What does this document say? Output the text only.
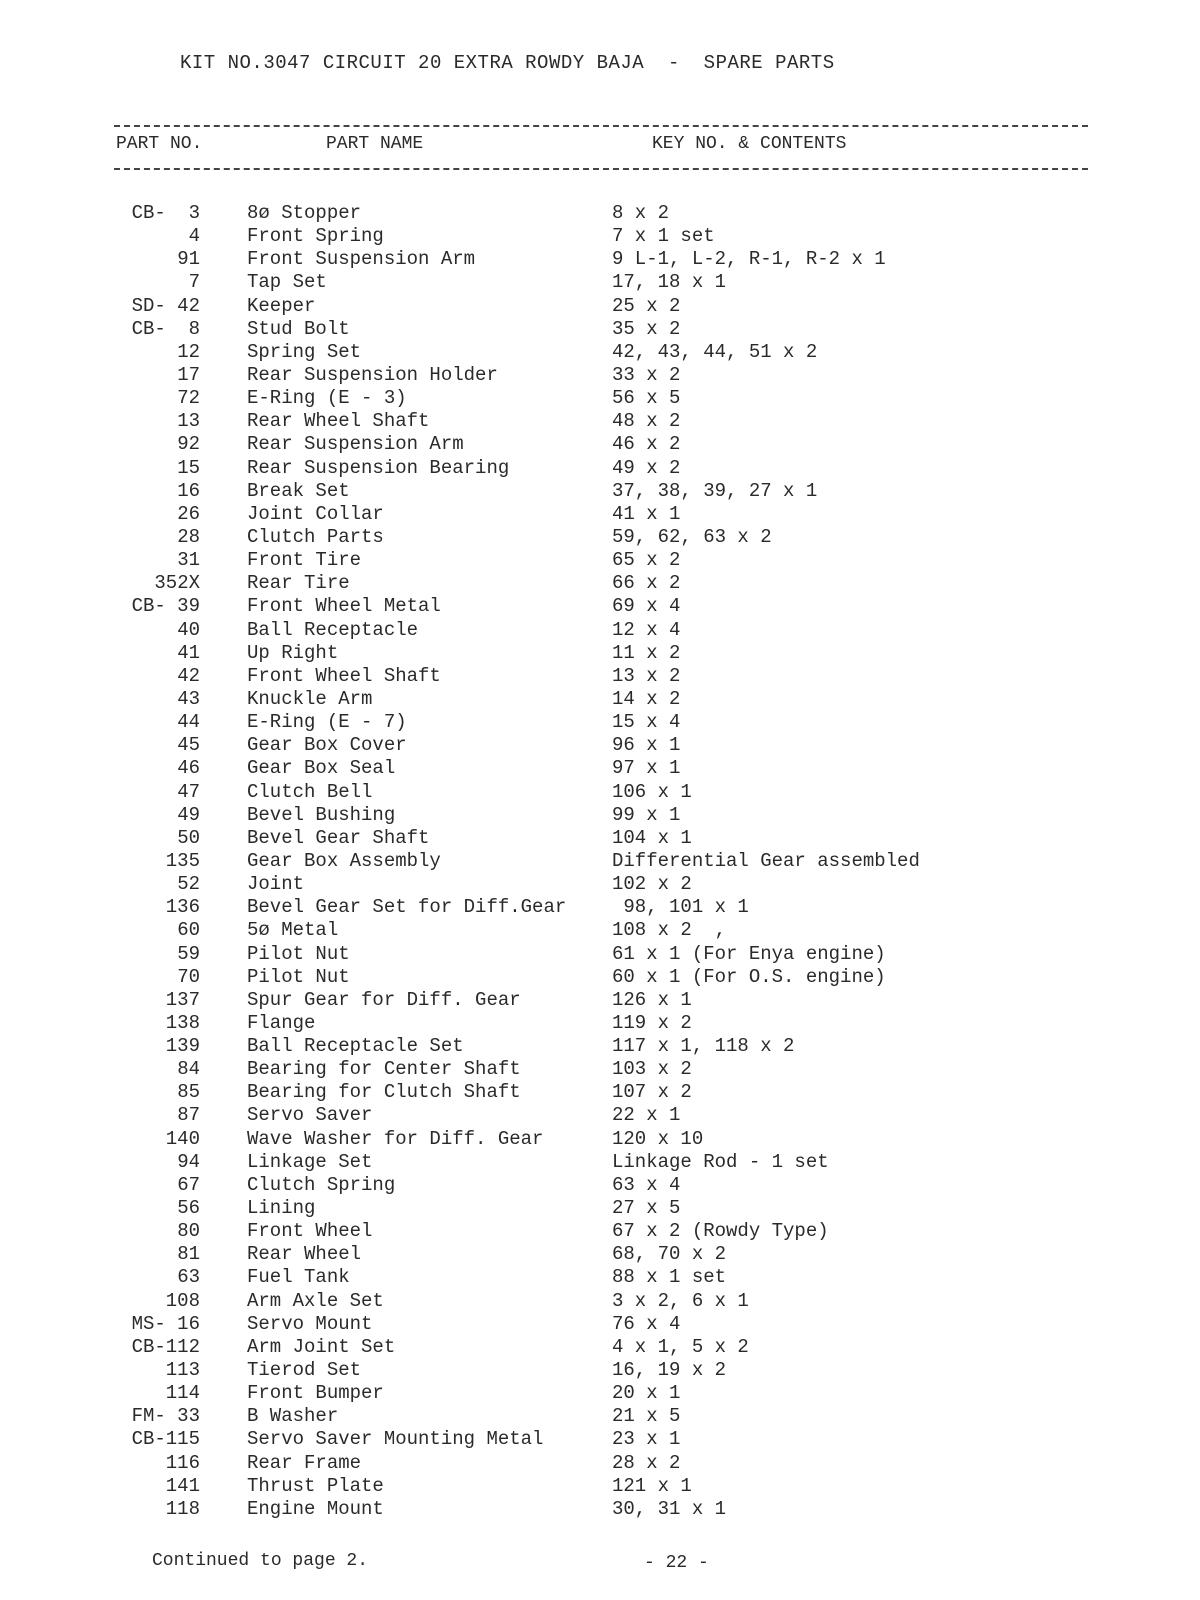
KIT NO.3047 CIRCUIT 20 EXTRA ROWDY BAJA  -  SPARE PARTS
PART NO.	PART NAME	KEY NO. & CONTENTS
CB-  3 8ø Stopper	8 x 2
4 Front Spring	7 x 1 set
91 Front Suspension Arm	9 L-1, L-2, R-1, R-2 x 1
7 Tap Set	17, 18 x 1
SD- 42 Keeper	25 x 2
CB-  8 Stud Bolt	35 x 2
12 Spring Set	42, 43, 44, 51 x 2
17 Rear Suspension Holder	33 x 2
72 E-Ring (E - 3)	56 x 5
13 Rear Wheel Shaft	48 x 2
92 Rear Suspension Arm	46 x 2
15 Rear Suspension Bearing	49 x 2
16 Break Set	37, 38, 39, 27 x 1
26 Joint Collar	41 x 1
28 Clutch Parts	59, 62, 63 x 2
31 Front Tire	65 x 2
352X Rear Tire	66 x 2
CB- 39 Front Wheel Metal	69 x 4
40 Ball Receptacle	12 x 4
41 Up Right	11 x 2
42 Front Wheel Shaft	13 x 2
43 Knuckle Arm	14 x 2
44 E-Ring (E - 7)	15 x 4
45 Gear Box Cover	96 x 1
46 Gear Box Seal	97 x 1
47 Clutch Bell	106 x 1
49 Bevel Bushing	99 x 1
50 Bevel Gear Shaft	104 x 1
135 Gear Box Assembly	Differential Gear assembled
52 Joint	102 x 2
136 Bevel Gear Set for Diff.Gear 98, 101 x 1
60 5ø Metal	108 x 2  ,
59 Pilot Nut	61 x 1 (For Enya engine)
70 Pilot Nut	60 x 1 (For O.S. engine)
137 Spur Gear for Diff. Gear	126 x 1
138 Flange	119 x 2
139 Ball Receptacle Set	117 x 1, 118 x 2
84 Bearing for Center Shaft	103 x 2
85 Bearing for Clutch Shaft	107 x 2
87 Servo Saver	22 x 1
140 Wave Washer for Diff. Gear	120 x 10
94 Linkage Set	Linkage Rod - 1 set
67 Clutch Spring	63 x 4
56 Lining	27 x 5
80 Front Wheel	67 x 2 (Rowdy Type)
81 Rear Wheel	68, 70 x 2
63 Fuel Tank	88 x 1 set
108 Arm Axle Set	3 x 2, 6 x 1
MS- 16 Servo Mount	76 x 4
CB-112 Arm Joint Set	4 x 1, 5 x 2
113 Tierod Set	16, 19 x 2
114 Front Bumper	20 x 1
FM- 33 B Washer	21 x 5
CB-115 Servo Saver Mounting Metal	23 x 1
116 Rear Frame	28 x 2
141 Thrust Plate	121 x 1
118 Engine Mount	30, 31 x 1
Continued to page 2.	- 22 -
